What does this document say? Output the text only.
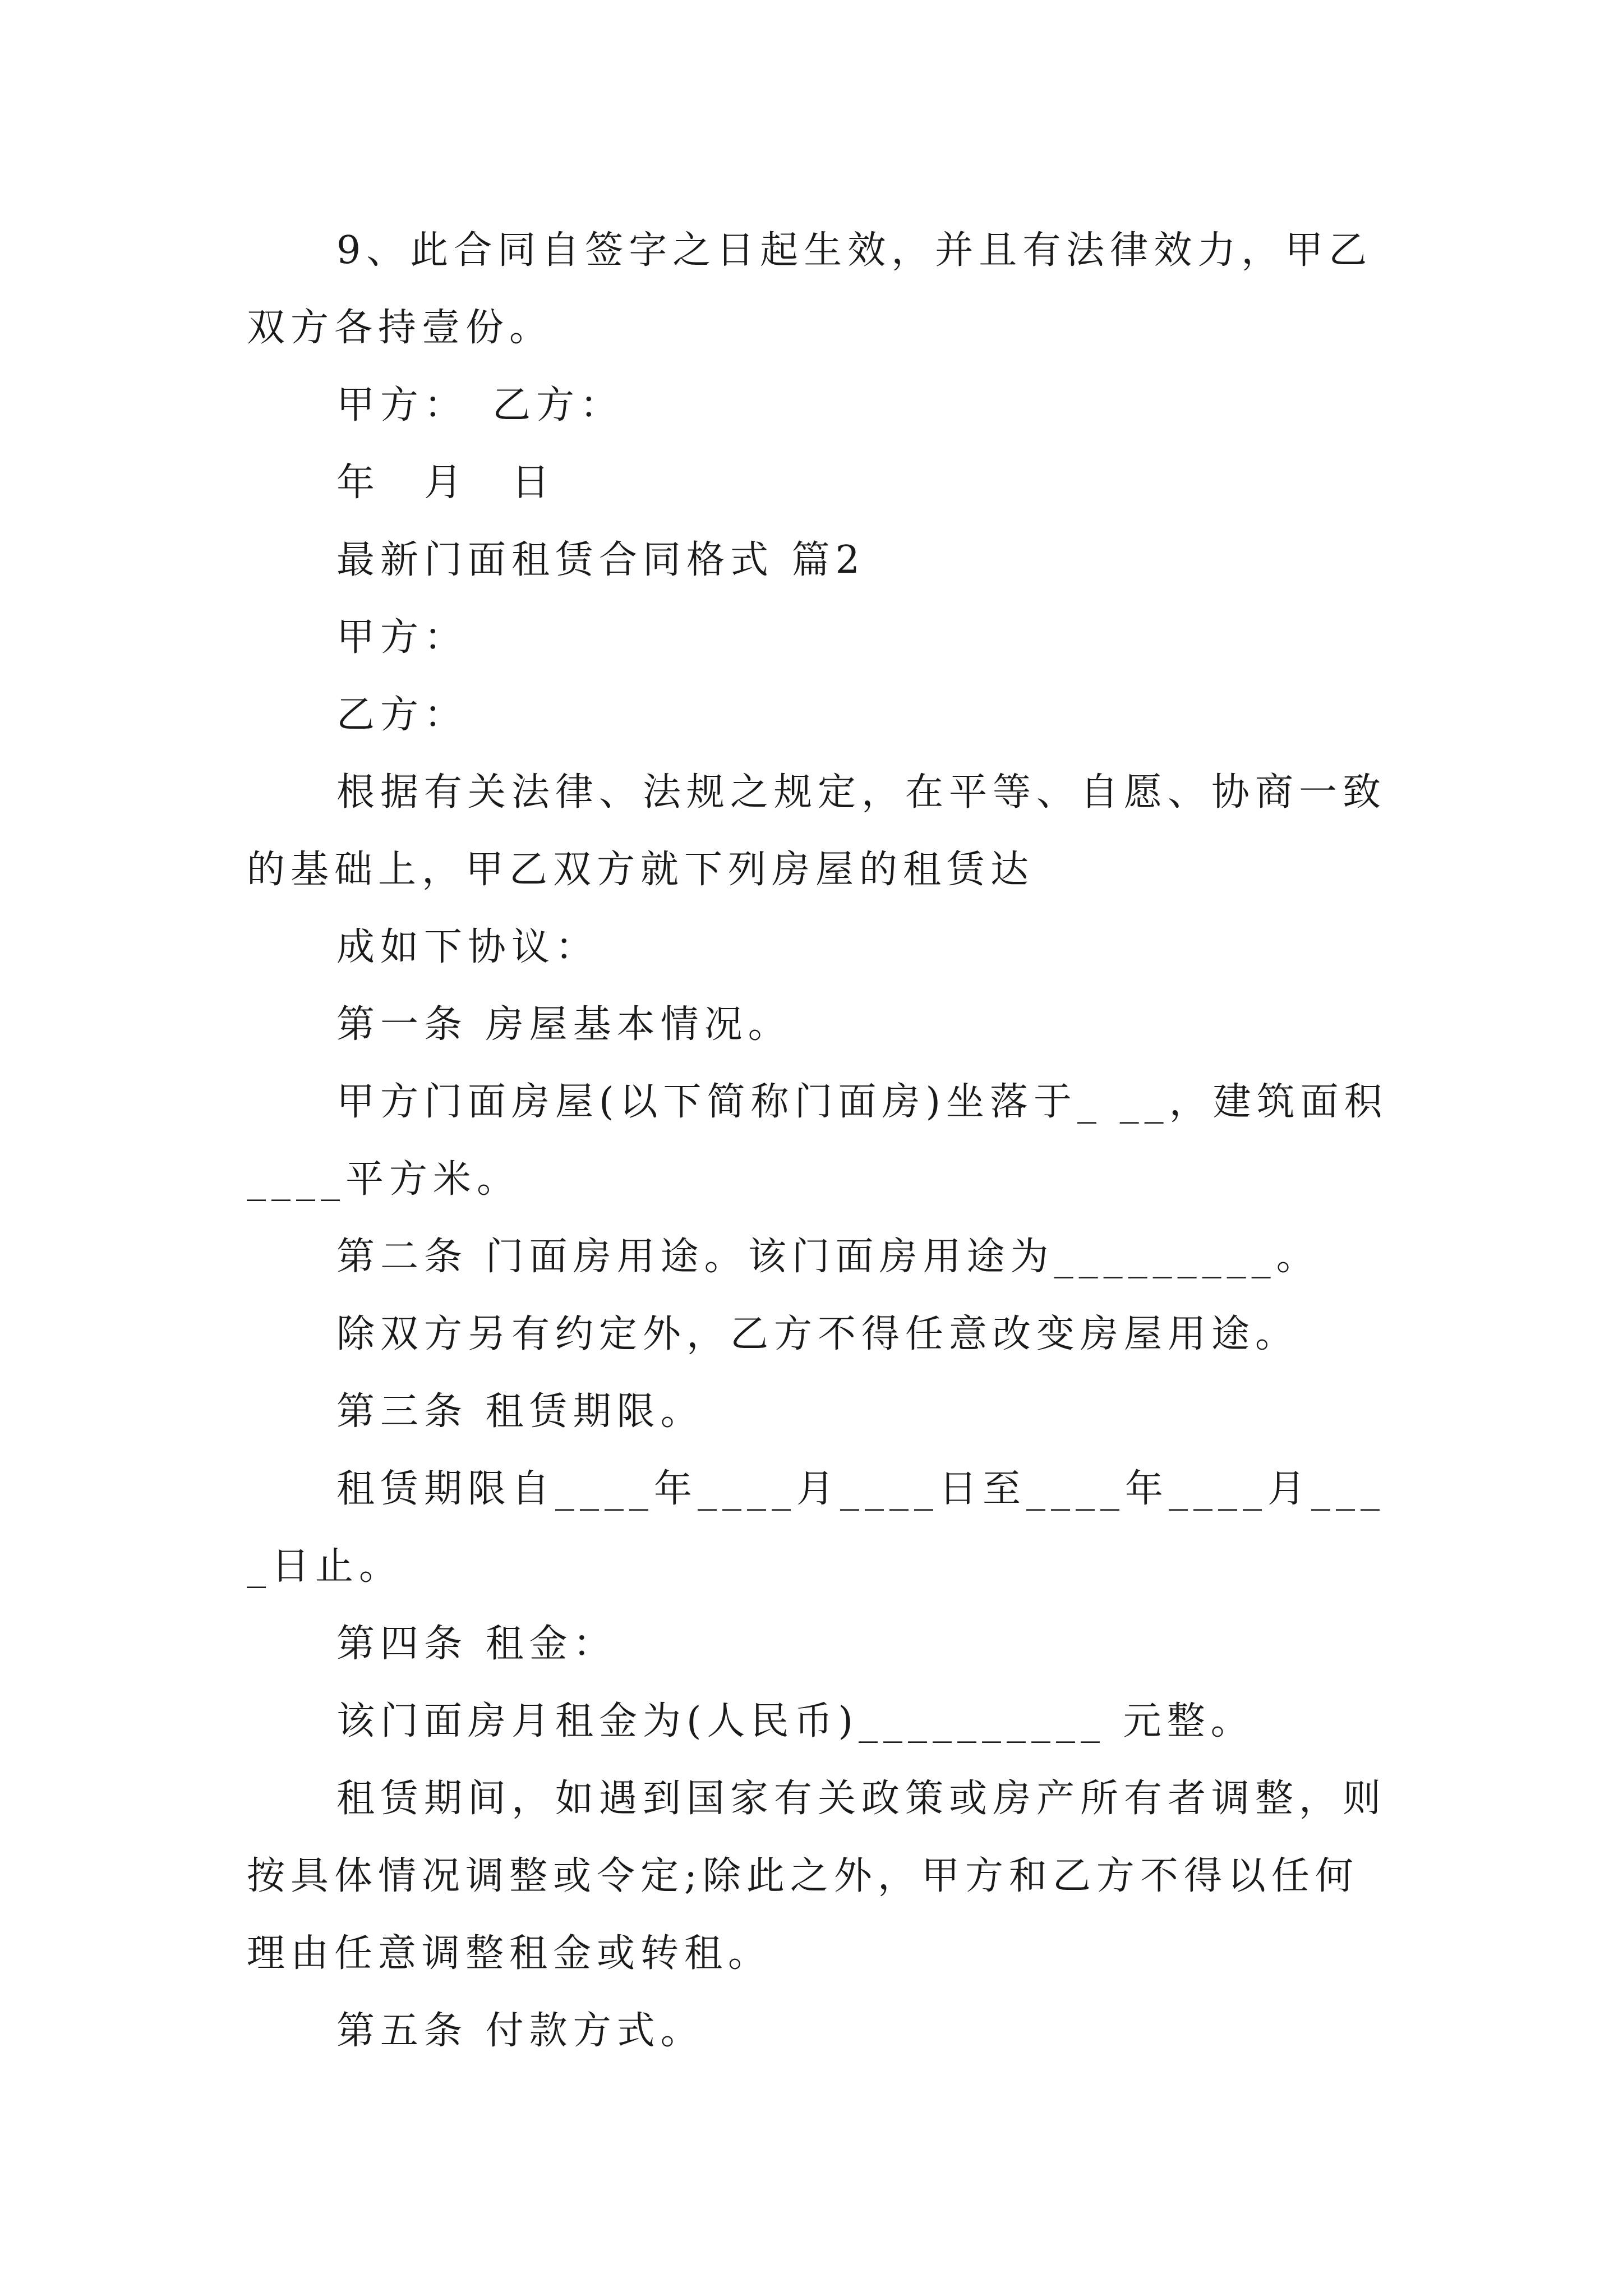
9、此合同自签字之日起生效，并且有法律效力，甲乙双方各持壹份。

甲方：　乙方：

年　月　日

最新门面租赁合同格式 篇2

甲方：

乙方：

根据有关法律、法规之规定，在平等、自愿、协商一致的基础上，甲乙双方就下列房屋的租赁达

成如下协议：

第一条 房屋基本情况。

甲方门面房屋(以下简称门面房)坐落于_ __，建筑面积____平方米。

第二条 门面房用途。该门面房用途为_________。

除双方另有约定外，乙方不得任意改变房屋用途。

第三条 租赁期限。

租赁期限自____年____月____日至____年____月____日止。

第四条 租金：

该门面房月租金为(人民币)__________ 元整。

租赁期间，如遇到国家有关政策或房产所有者调整，则按具体情况调整或令定;除此之外，甲方和乙方不得以任何理由任意调整租金或转租。

第五条 付款方式。
